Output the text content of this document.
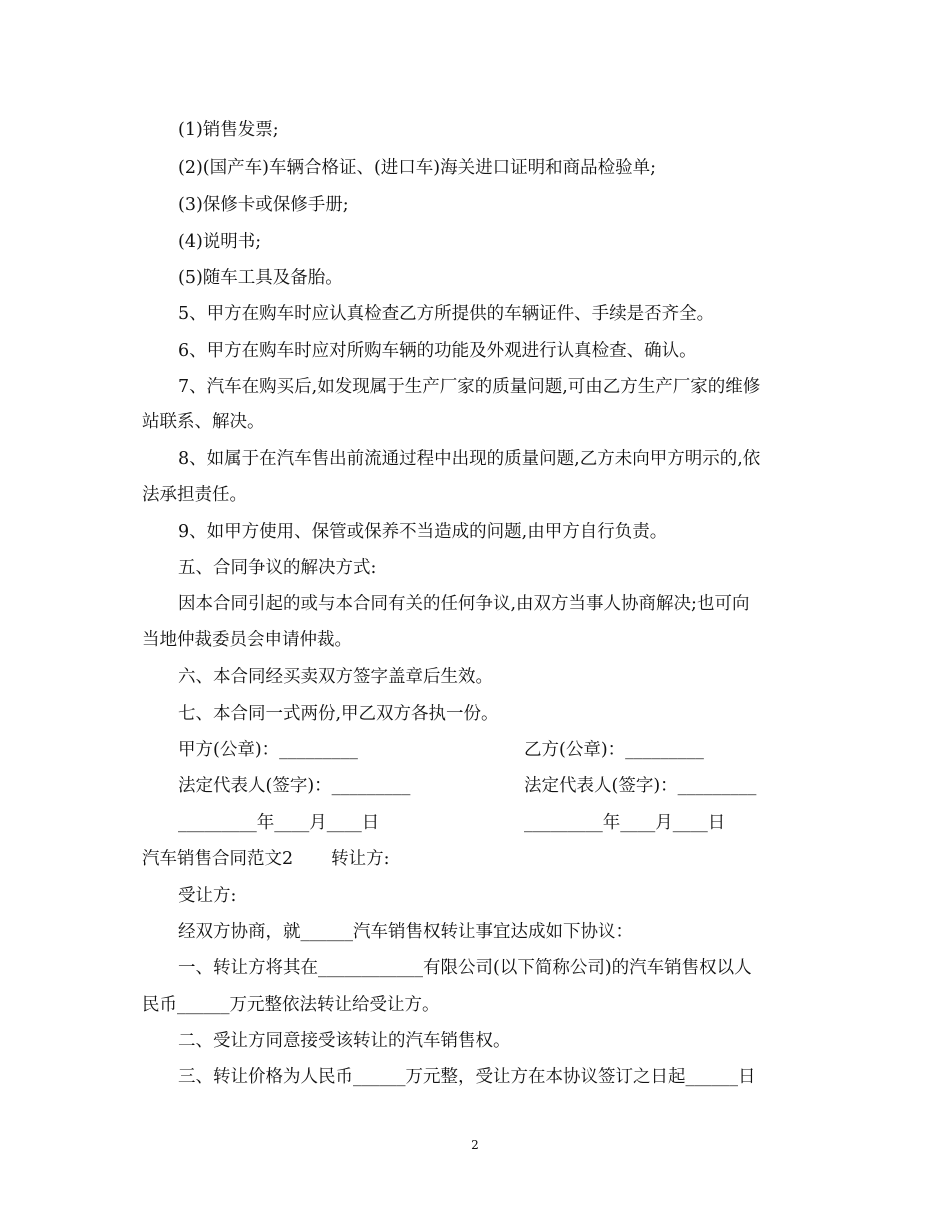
(1)销售发票;
(2)(国产车)车辆合格证、(进口车)海关进口证明和商品检验单;
(3)保修卡或保修手册;
(4)说明书;
(5)随车工具及备胎。
5、甲方在购车时应认真检查乙方所提供的车辆证件、手续是否齐全。
6、甲方在购车时应对所购车辆的功能及外观进行认真检查、确认。
7、汽车在购买后,如发现属于生产厂家的质量问题,可由乙方生产厂家的维修
站联系、解决。
8、如属于在汽车售出前流通过程中出现的质量问题,乙方未向甲方明示的,依
法承担责任。
9、如甲方使用、保管或保养不当造成的问题,由甲方自行负责。
五、合同争议的解决方式:
因本合同引起的或与本合同有关的任何争议,由双方当事人协商解决;也可向
当地仲裁委员会申请仲裁。
六、本合同经买卖双方签字盖章后生效。
七、本合同一式两份,甲乙双方各执一份。
甲方(公章)：_________	乙方(公章)：_________
法定代表人(签字)：_________	法定代表人(签字)：_________
_________年____月____日	_________年____月____日
汽车销售合同范文2 转让方:
受让方:
经双方协商，就______汽车销售权转让事宜达成如下协议：
一、转让方将其在____________有限公司(以下简称公司)的汽车销售权以人
民币______万元整依法转让给受让方。
二、受让方同意接受该转让的汽车销售权。
三、转让价格为人民币______万元整，受让方在本协议签订之日起______日
2
